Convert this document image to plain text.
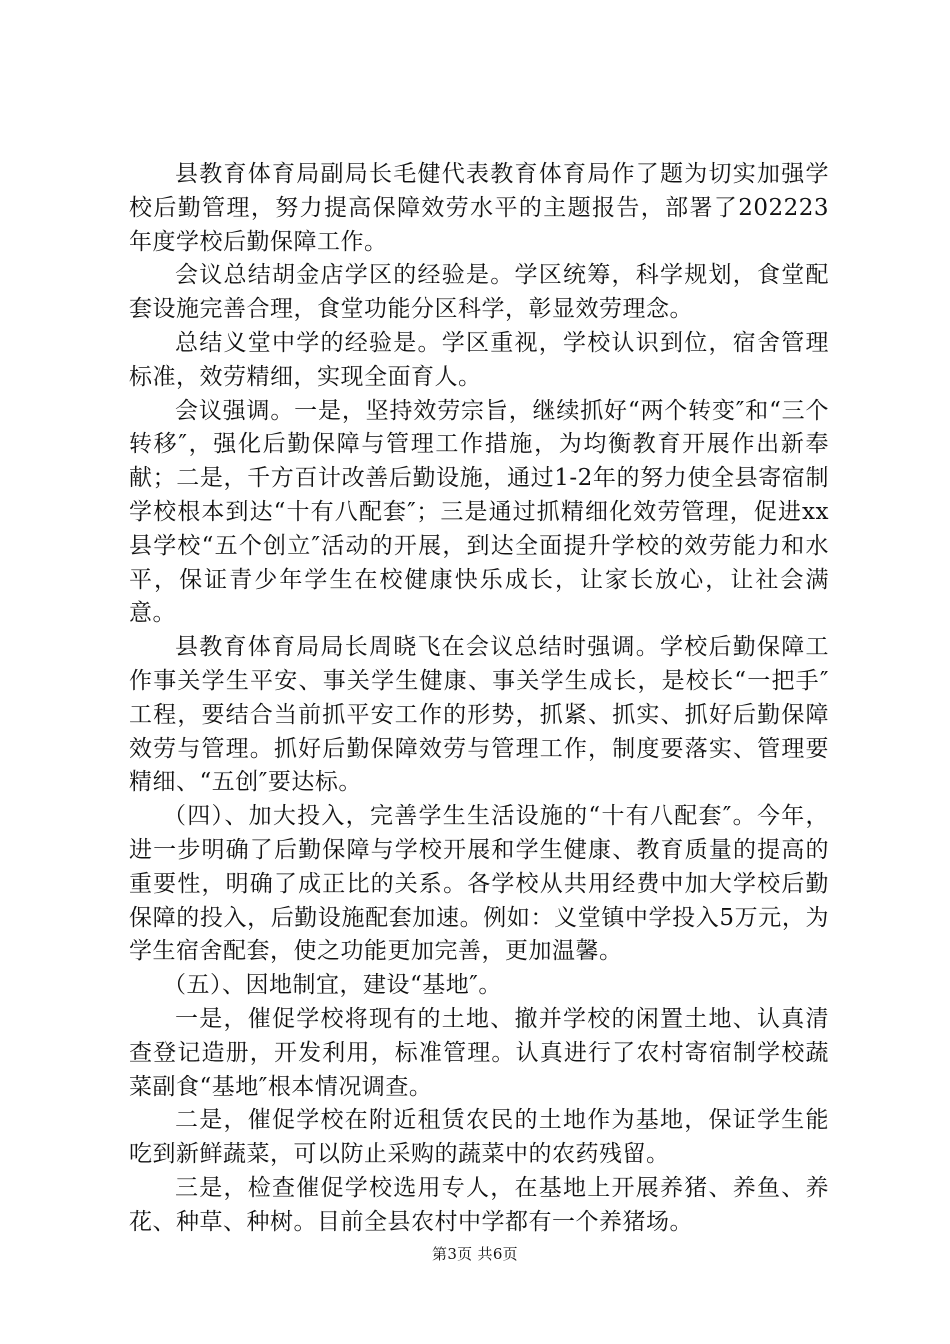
县教育体育局副局长毛健代表教育体育局作了题为切实加强学校后勤管理，努力提高保障效劳水平的主题报告，部署了202223年度学校后勤保障工作。

会议总结胡金店学区的经验是。学区统筹，科学规划，食堂配套设施完善合理，食堂功能分区科学，彰显效劳理念。

总结义堂中学的经验是。学区重视，学校认识到位，宿舍管理标准，效劳精细，实现全面育人。

会议强调。一是，坚持效劳宗旨，继续抓好“两个转变″和“三个转移″，强化后勤保障与管理工作措施，为均衡教育开展作出新奉献；二是，千方百计改善后勤设施，通过1-2年的努力使全县寄宿制学校根本到达“十有八配套″；三是通过抓精细化效劳管理，促进xx县学校“五个创立″活动的开展，到达全面提升学校的效劳能力和水平，保证青少年学生在校健康快乐成长，让家长放心，让社会满意。

县教育体育局局长周晓飞在会议总结时强调。学校后勤保障工作事关学生平安、事关学生健康、事关学生成长，是校长“一把手″工程，要结合当前抓平安工作的形势，抓紧、抓实、抓好后勤保障效劳与管理。抓好后勤保障效劳与管理工作，制度要落实、管理要精细、“五创″要达标。

（四）、加大投入，完善学生生活设施的“十有八配套″。今年，进一步明确了后勤保障与学校开展和学生健康、教育质量的提高的重要性，明确了成正比的关系。各学校从共用经费中加大学校后勤保障的投入，后勤设施配套加速。例如：义堂镇中学投入5万元，为学生宿舍配套，使之功能更加完善，更加温馨。

（五）、因地制宜，建设“基地″。

一是，催促学校将现有的土地、撤并学校的闲置土地、认真清查登记造册，开发利用，标准管理。认真进行了农村寄宿制学校蔬菜副食“基地″根本情况调查。

二是，催促学校在附近租赁农民的土地作为基地，保证学生能吃到新鲜蔬菜，可以防止采购的蔬菜中的农药残留。

三是，检查催促学校选用专人，在基地上开展养猪、养鱼、养花、种草、种树。目前全县农村中学都有一个养猪场。

第3页 共6页
